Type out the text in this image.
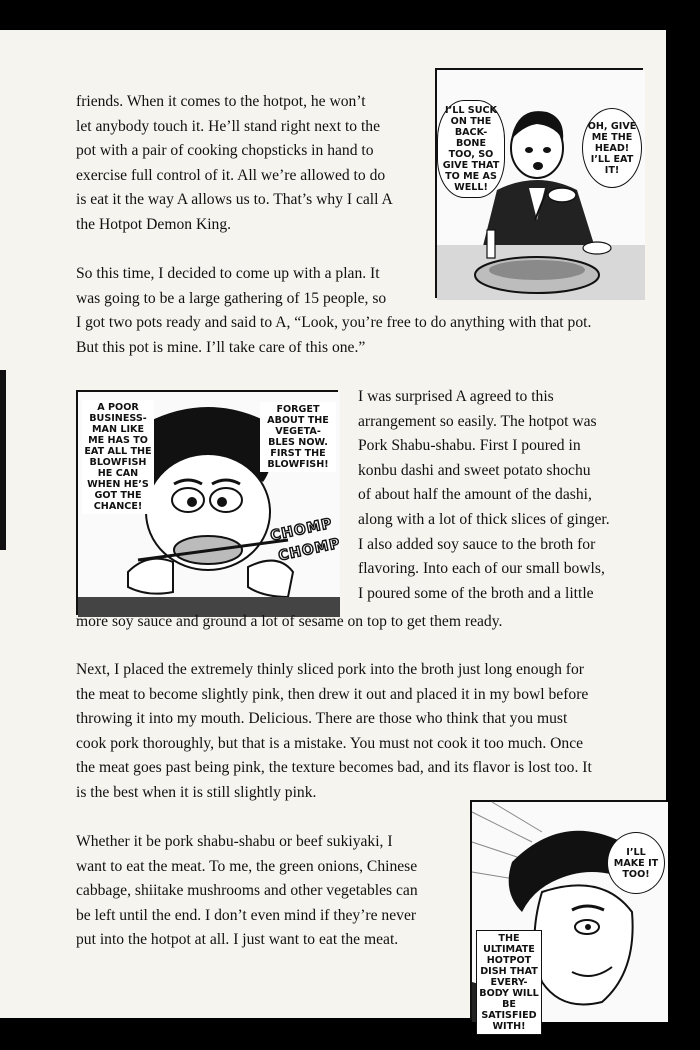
friends. When it comes to the hotpot, he won’t
let anybody touch it. He’ll stand right next to the
pot with a pair of cooking chopsticks in hand to
exercise full control of it. All we’re allowed to do
is eat it the way A allows us to. That’s why I call A
the Hotpot Demon King.
I’LL SUCK ON THE BACK-BONE TOO, SO GIVE THAT TO ME AS WELL!
OH, GIVE ME THE HEAD! I’LL EAT IT!
So this time, I decided to come up with a plan. It
was going to be a large gathering of 15 people, so
I got two pots ready and said to A, “Look, you’re free to do anything with that pot.
But this pot is mine. I’ll take care of this one.”
A POOR BUSINESS-MAN LIKE ME HAS TO EAT ALL THE BLOWFISH HE CAN WHEN HE’S GOT THE CHANCE!
FORGET ABOUT THE VEGETA-BLES NOW. FIRST THE BLOWFISH!
CHOMP
CHOMP
I was surprised A agreed to this
arrangement so easily. The hotpot was
Pork Shabu-shabu. First I poured in
konbu dashi and sweet potato shochu
of about half the amount of the dashi,
along with a lot of thick slices of ginger.
I also added soy sauce to the broth for
flavoring. Into each of our small bowls,
I poured some of the broth and a little
more soy sauce and ground a lot of sesame on top to get them ready.
Next, I placed the extremely thinly sliced pork into the broth just long enough for
the meat to become slightly pink, then drew it out and placed it in my bowl before
throwing it into my mouth. Delicious. There are those who think that you must
cook pork thoroughly, but that is a mistake. You must not cook it too much. Once
the meat goes past being pink, the texture becomes bad, and its flavor is lost too. It
is the best when it is still slightly pink.
Whether it be pork shabu-shabu or beef sukiyaki, I
want to eat the meat. To me, the green onions, Chinese
cabbage, shiitake mushrooms and other vegetables can
be left until the end. I don’t even mind if they’re never
put into the hotpot at all. I just want to eat the meat.
I’LL MAKE IT TOO!
THE ULTIMATE HOTPOT DISH THAT EVERY-BODY WILL BE SATISFIED WITH!
